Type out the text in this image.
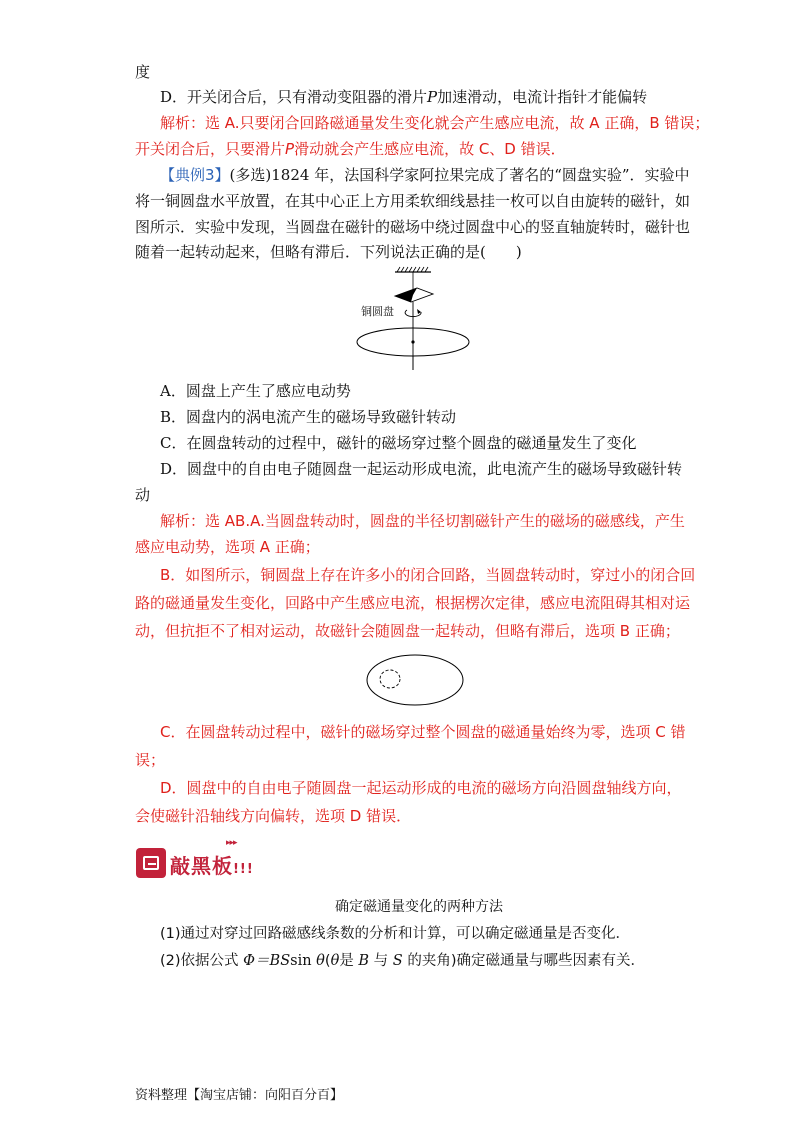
度
D．开关闭合后，只有滑动变阻器的滑片P加速滑动，电流计指针才能偏转
解析：选 A.只要闭合回路磁通量发生变化就会产生感应电流，故 A 正确，B 错误；
开关闭合后，只要滑片P滑动就会产生感应电流，故 C、D 错误．
【典例3】(多选)1824 年，法国科学家阿拉果完成了著名的“圆盘实验”．实验中
将一铜圆盘水平放置，在其中心正上方用柔软细线悬挂一枚可以自由旋转的磁针，如
图所示．实验中发现，当圆盘在磁针的磁场中绕过圆盘中心的竖直轴旋转时，磁针也
随着一起转动起来，但略有滞后．下列说法正确的是(　　)
铜圆盘
A．圆盘上产生了感应电动势
B．圆盘内的涡电流产生的磁场导致磁针转动
C．在圆盘转动的过程中，磁针的磁场穿过整个圆盘的磁通量发生了变化
D．圆盘中的自由电子随圆盘一起运动形成电流，此电流产生的磁场导致磁针转
动
解析：选 AB.A.当圆盘转动时，圆盘的半径切割磁针产生的磁场的磁感线，产生
感应电动势，选项 A 正确；
B．如图所示，铜圆盘上存在许多小的闭合回路，当圆盘转动时，穿过小的闭合回
路的磁通量发生变化，回路中产生感应电流，根据楞次定律，感应电流阻碍其相对运
动，但抗拒不了相对运动，故磁针会随圆盘一起转动，但略有滞后，选项 B 正确；
C．在圆盘转动过程中，磁针的磁场穿过整个圆盘的磁通量始终为零，选项 C 错
误；
D．圆盘中的自由电子随圆盘一起运动形成的电流的磁场方向沿圆盘轴线方向，
会使磁针沿轴线方向偏转，选项 D 错误．
敲黑板!!!
▸▸▸
确定磁通量变化的两种方法
(1)通过对穿过回路磁感线条数的分析和计算，可以确定磁通量是否变化．
(2)依据公式 Φ＝BSsin θ(θ是 B 与 S 的夹角)确定磁通量与哪些因素有关．
资料整理【淘宝店铺：向阳百分百】
